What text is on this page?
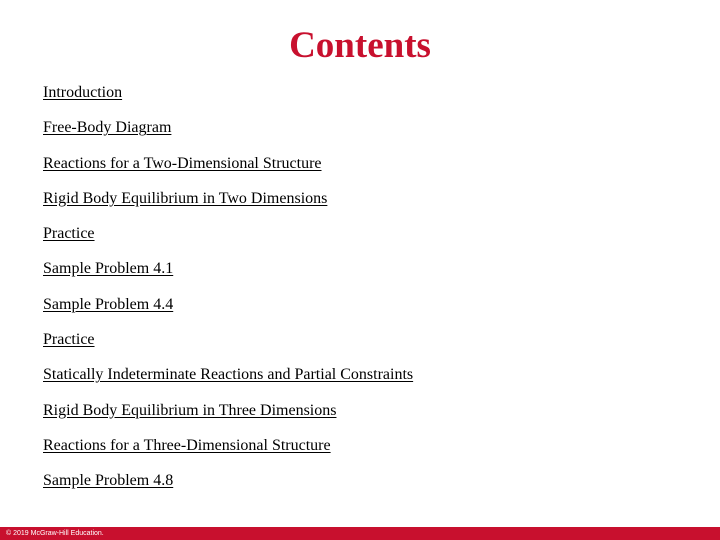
Contents
Introduction
Free-Body Diagram
Reactions for a Two-Dimensional Structure
Rigid Body Equilibrium in Two Dimensions
Practice
Sample Problem 4.1
Sample Problem 4.4
Practice
Statically Indeterminate Reactions and Partial Constraints
Rigid Body Equilibrium in Three Dimensions
Reactions for a Three-Dimensional Structure
Sample Problem 4.8
© 2019 McGraw-Hill Education.
